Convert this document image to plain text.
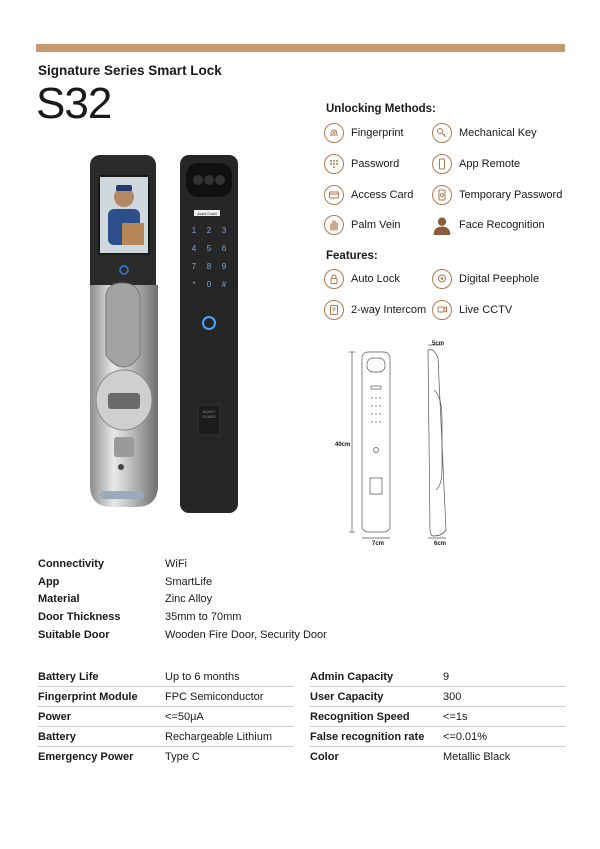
Signature Series Smart Lock
S32
Avant Guard
1 2 3
4 5 6
7 8 9
* 0 #
AVANT
GUARD
Unlocking Methods:
Fingerprint	Mechanical Key
Password	App Remote
Access Card	Temporary Password
Palm Vein	Face Recognition
Features:
Auto Lock	Digital Peephole
2-way Intercom	Live CCTV
5cm
40cm
7cm	6cm
Connectivity	WiFi
App	SmartLife
Material	Zinc Alloy
Door Thickness	35mm to 70mm
Suitable Door	Wooden Fire Door, Security Door
Battery Life	Up to 6 months
Fingerprint Module	FPC Semiconductor
Power	<=50μA
Battery	Rechargeable Lithium
Emergency Power	Type C
Admin Capacity	9
User Capacity	300
Recognition Speed	<=1s
False recognition rate	<=0.01%
Color	Metallic Black
